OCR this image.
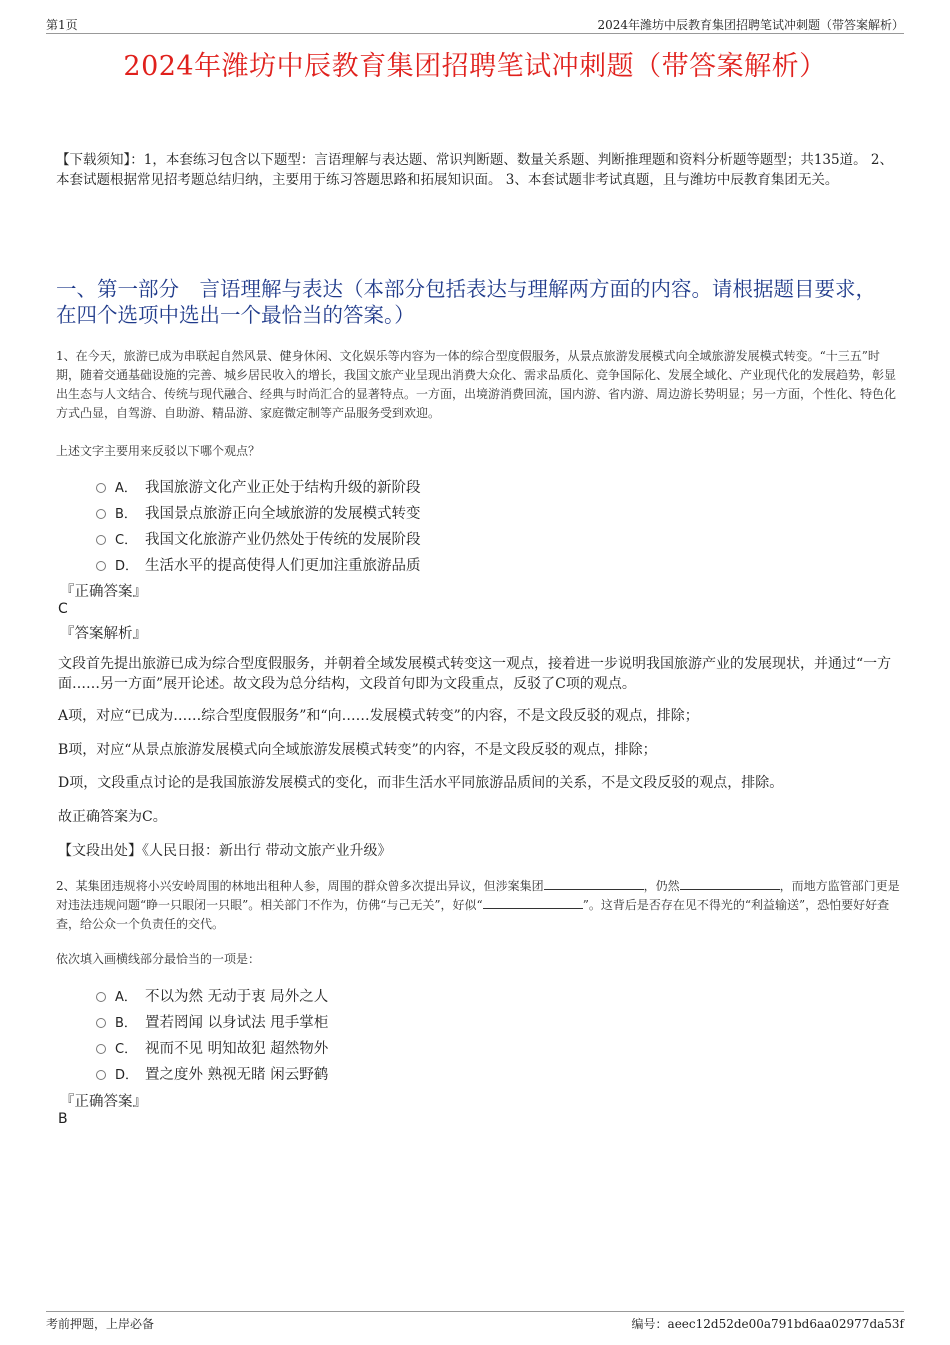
第1页	2024年潍坊中辰教育集团招聘笔试冲刺题（带答案解析）
2024年潍坊中辰教育集团招聘笔试冲刺题（带答案解析）
【下载须知】：1，本套练习包含以下题型：言语理解与表达题、常识判断题、数量关系题、判断推理题和资料分析题等题型；共135道。 2、本套试题根据常见招考题总结归纳，主要用于练习答题思路和拓展知识面。 3、本套试题非考试真题，且与潍坊中辰教育集团无关。
一、第一部分　言语理解与表达（本部分包括表达与理解两方面的内容。请根据题目要求，在四个选项中选出一个最恰当的答案。）
1、在今天，旅游已成为串联起自然风景、健身休闲、文化娱乐等内容为一体的综合型度假服务，从景点旅游发展模式向全域旅游发展模式转变。“十三五”时期，随着交通基础设施的完善、城乡居民收入的增长，我国文旅产业呈现出消费大众化、需求品质化、竞争国际化、发展全域化、产业现代化的发展趋势，彰显出生态与人文结合、传统与现代融合、经典与时尚汇合的显著特点。一方面，出境游消费回流，国内游、省内游、周边游长势明显；另一方面，个性化、特色化方式凸显，自驾游、自助游、精品游、家庭微定制等产品服务受到欢迎。
上述文字主要用来反驳以下哪个观点？
A． 我国旅游文化产业正处于结构升级的新阶段
B． 我国景点旅游正向全域旅游的发展模式转变
C． 我国文化旅游产业仍然处于传统的发展阶段
D． 生活水平的提高使得人们更加注重旅游品质
『正确答案』
C
『答案解析』
文段首先提出旅游已成为综合型度假服务，并朝着全域发展模式转变这一观点，接着进一步说明我国旅游产业的发展现状，并通过“一方面……另一方面”展开论述。故文段为总分结构，文段首句即为文段重点，反驳了C项的观点。
A项，对应“已成为……综合型度假服务”和“向……发展模式转变”的内容，不是文段反驳的观点，排除；
B项，对应“从景点旅游发展模式向全域旅游发展模式转变”的内容，不是文段反驳的观点，排除；
D项，文段重点讨论的是我国旅游发展模式的变化，而非生活水平同旅游品质间的关系，不是文段反驳的观点，排除。
故正确答案为C。
【文段出处】《人民日报：新出行 带动文旅产业升级》
2、某集团违规将小兴安岭周围的林地出租种人参，周围的群众曾多次提出异议，但涉案集团	，仍然	，而地方监管部门更是对违法违规问题“睁一只眼闭一只眼”。相关部门不作为，仿佛“与己无关”，好似“	”。这背后是否存在见不得光的“利益输送”，恐怕要好好查查，给公众一个负责任的交代。
依次填入画横线部分最恰当的一项是：
A． 不以为然 无动于衷 局外之人
B． 置若罔闻 以身试法 甩手掌柜
C． 视而不见 明知故犯 超然物外
D． 置之度外 熟视无睹 闲云野鹤
『正确答案』
B
考前押题，上岸必备	编号：aeec12d52de00a791bd6aa02977da53f
